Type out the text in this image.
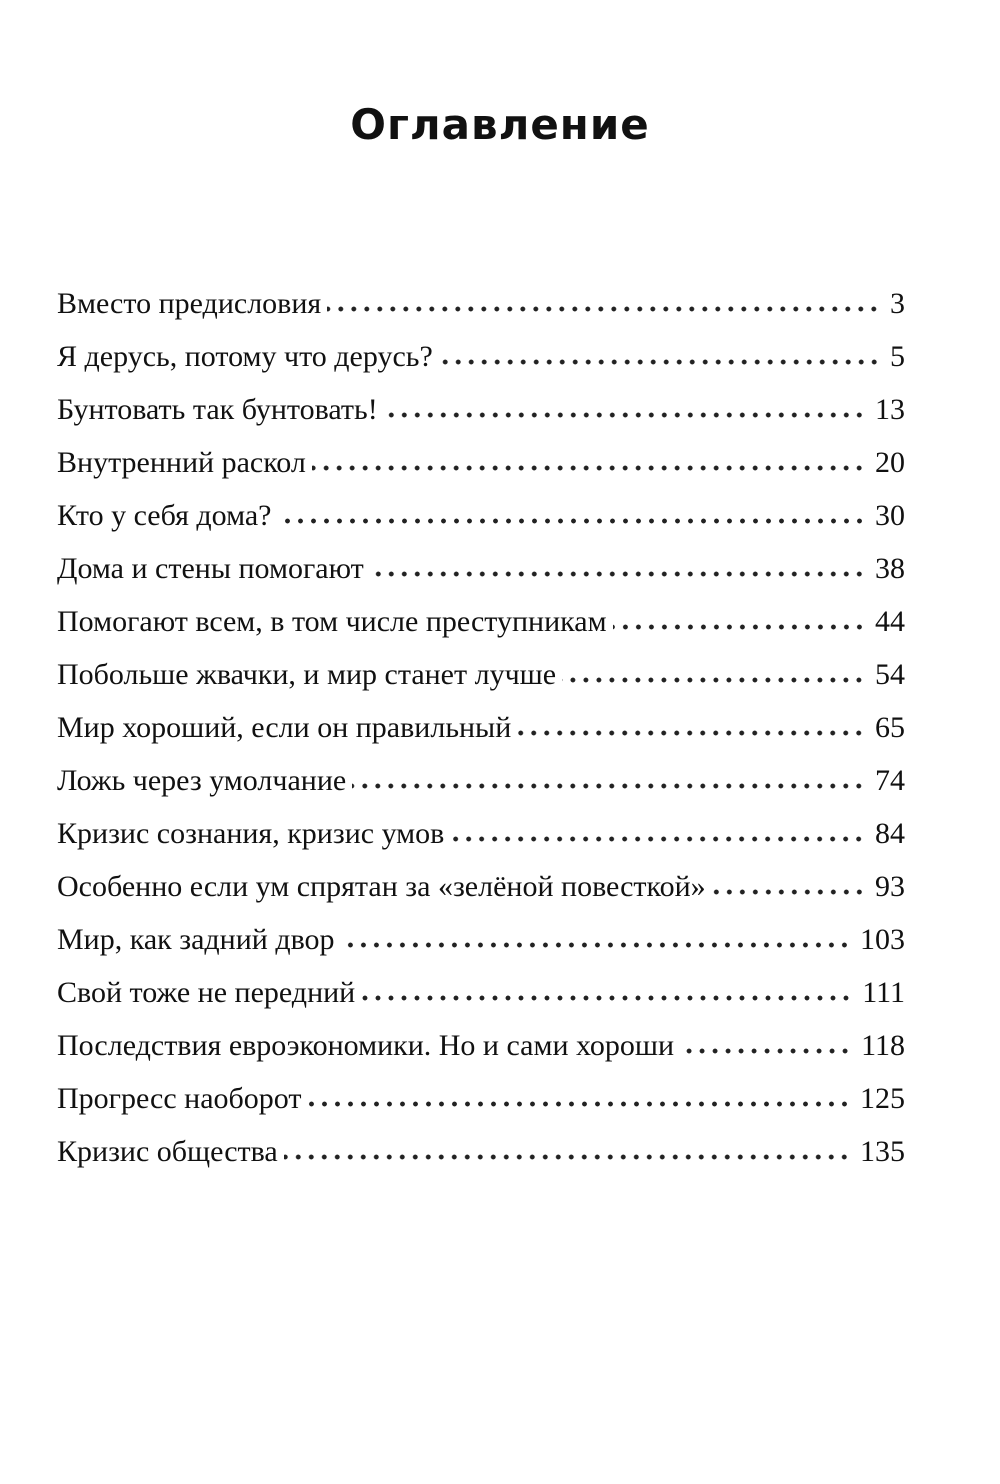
Оглавление
Вместо предисловия	3
Я дерусь, потому что дерусь?	5
Бунтовать так бунтовать!	13
Внутренний раскол	20
Кто у себя дома?	30
Дома и стены помогают	38
Помогают всем, в том числе преступникам	44
Побольше жвачки, и мир станет лучше	54
Мир хороший, если он правильный	65
Ложь через умолчание	74
Кризис сознания, кризис умов	84
Особенно если ум спрятан за «зелёной повесткой»	93
Мир, как задний двор	103
Свой тоже не передний	111
Последствия евроэкономики. Но и сами хороши	118
Прогресс наоборот	125
Кризис общества	135
